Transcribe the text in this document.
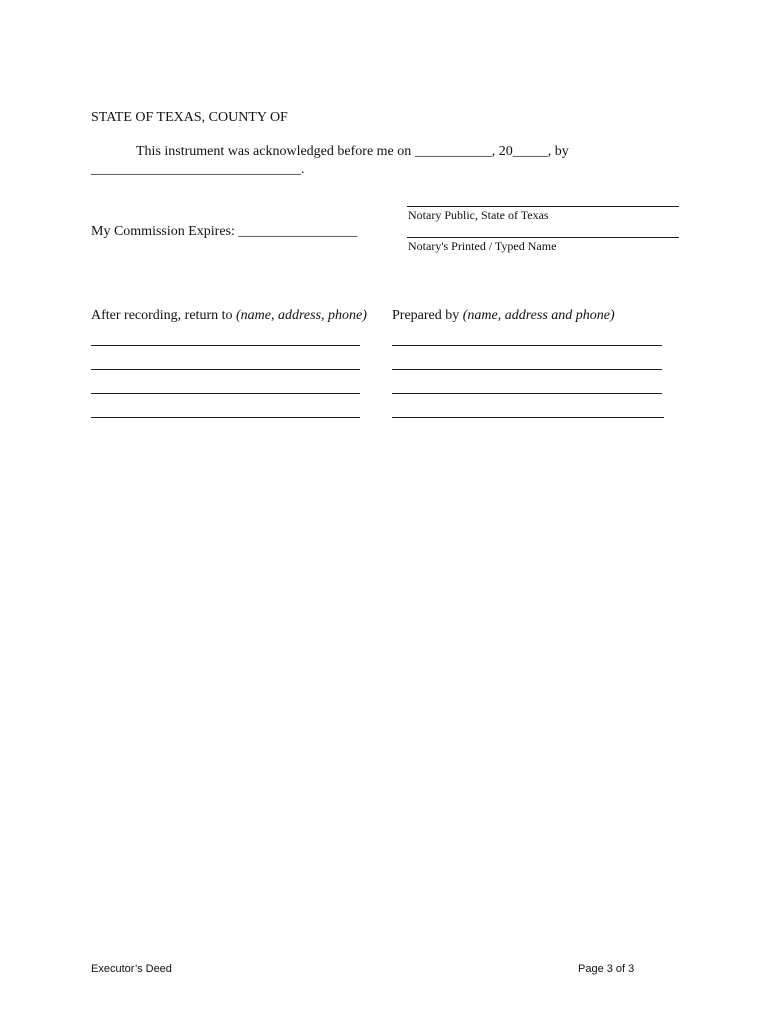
STATE OF TEXAS, COUNTY OF
This instrument was acknowledged before me on ___________, 20_____, by
______________________________.
Notary Public, State of Texas
Notary's Printed / Typed Name
My Commission Expires: _________________
After recording, return to (name, address, phone) Prepared by (name, address and phone)
Executor’s Deed	Page 3 of 3
